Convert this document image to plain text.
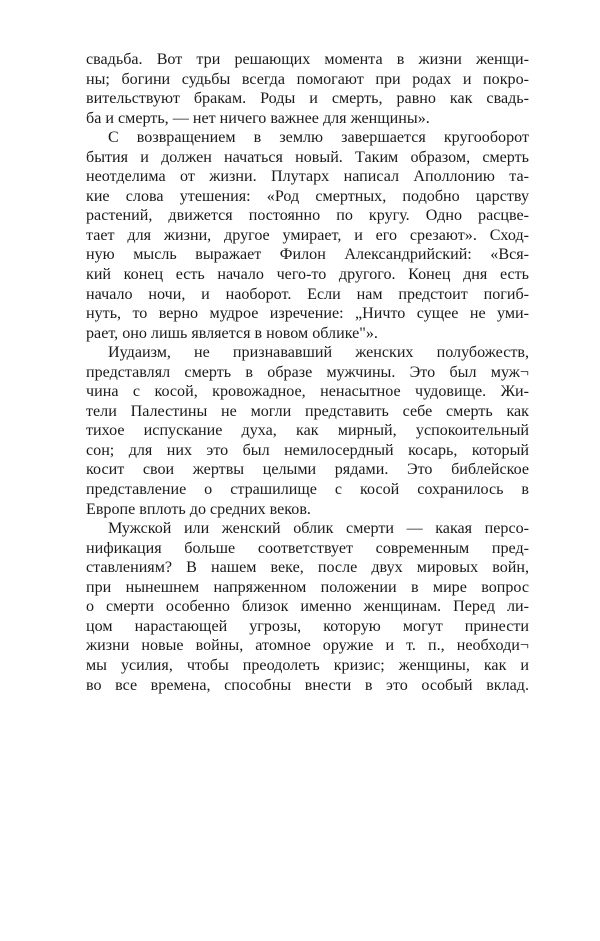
свадьба. Вот три решающих момента в жизни женщи-
ны; богини судьбы всегда помогают при родах и покро-
вительствуют бракам. Роды и смерть, равно как свадь-
ба и смерть, — нет ничего важнее для женщины».
С возвращением в землю завершается кругооборот
бытия и должен начаться новый. Таким образом, смерть
неотделима от жизни. Плутарх написал Аполлонию та-
кие слова утешения: «Род смертных, подобно царству
растений, движется постоянно по кругу. Одно расцве-
тает для жизни, другое умирает, и его срезают». Сход-
ную мысль выражает Филон Александрийский: «Вся-
кий конец есть начало чего-то другого. Конец дня есть
начало ночи, и наоборот. Если нам предстоит погиб-
нуть, то верно мудрое изречение: „Ничто сущее не уми-
рает, оно лишь является в новом облике"».
Иудаизм, не признававший женских полубожеств,
представлял смерть в образе мужчины. Это был муж¬
чина с косой, кровожадное, ненасытное чудовище. Жи-
тели Палестины не могли представить себе смерть как
тихое испускание духа, как мирный, успокоительный
сон; для них это был немилосердный косарь, который
косит свои жертвы целыми рядами. Это библейское
представление о страшилище с косой сохранилось в
Европе вплоть до средних веков.
Мужской или женский облик смерти — какая персо-
нификация больше соответствует современным пред-
ставлениям? В нашем веке, после двух мировых войн,
при нынешнем напряженном положении в мире вопрос
о смерти особенно близок именно женщинам. Перед ли-
цом нарастающей угрозы, которую могут принести
жизни новые войны, атомное оружие и т. п., необходи¬
мы усилия, чтобы преодолеть кризис; женщины, как и
во все времена, способны внести в это особый вклад.
